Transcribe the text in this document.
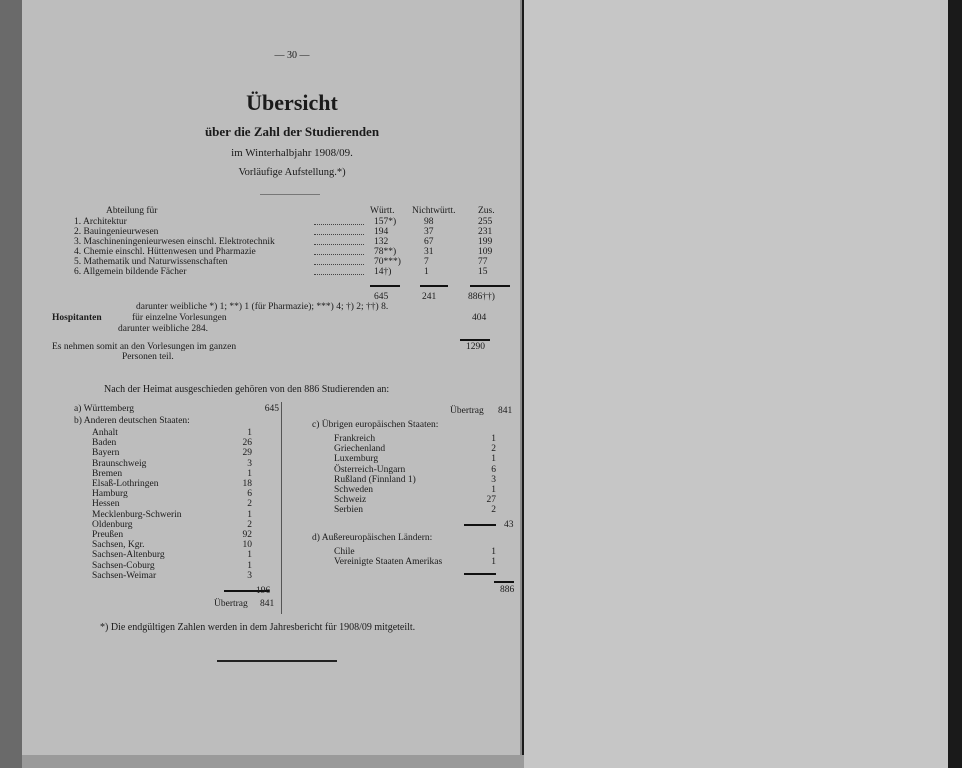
— 30 —
Übersicht
über die Zahl der Studierenden
im Winterhalbjahr 1908/09.
Vorläufige Aufstellung.*)
Abteilung für	Württ. Nichtwürtt. Zus.
1. Architektur	157*)	98	255
2. Bauingenieurwesen	194	37	231
3. Maschineningenieurwesen einschl. Elektrotechnik	132	67	199
4. Chemie einschl. Hüttenwesen und Pharmazie	78**)	31	109
5. Mathematik und Naturwissenschaften	70***) 7	77
6. Allgemein bildende Fächer	14†)	1	15
645	241	886††)
darunter weibliche *) 1; **) 1 (für Pharmazie); ***) 4; †) 2; ††) 8.
Hospitanten	für einzelne Vorlesungen	404
darunter weibliche 284.
Es nehmen somit an den Vorlesungen im ganzen	1290
Personen teil.
Nach der Heimat ausgeschieden gehören von den 886 Studierenden an:
a) Württemberg	645
b) Anderen deutschen Staaten:
Anhalt	1
Baden	26
Bayern	29
Braunschweig	3
Bremen	1
Elsaß-Lothringen	18
Hamburg	6
Hessen	2
Mecklenburg-Schwerin	1
Oldenburg	2
Preußen	92
Sachsen, Kgr.	10
Sachsen-Altenburg	1
Sachsen-Coburg	1
Sachsen-Weimar	3
196
Übertrag 841
Übertrag 841
c) Übrigen europäischen Staaten:
Frankreich	1
Griechenland	2
Luxemburg	1
Österreich-Ungarn	6
Rußland (Finnland 1)	3
Schweden	1
Schweiz	27
Serbien	2
43
d) Außereuropäischen Ländern:
Chile	1
Vereinigte Staaten Amerikas	1
886
*) Die endgültigen Zahlen werden in dem Jahresbericht für 1908/09 mitgeteilt.
